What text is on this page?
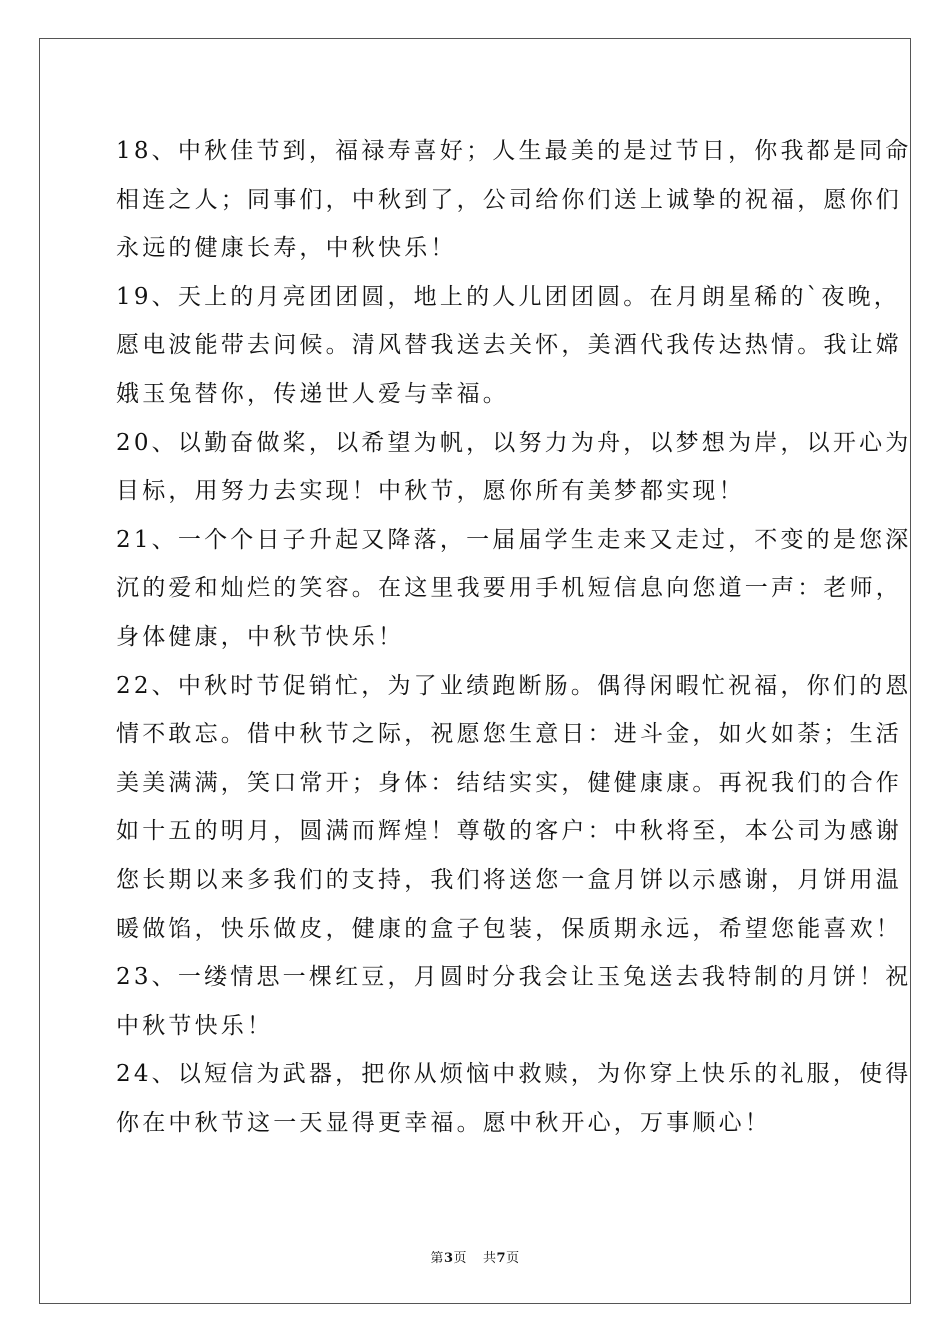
18、中秋佳节到，福禄寿喜好；人生最美的是过节日，你我都是同命

相连之人；同事们，中秋到了，公司给你们送上诚挚的祝福，愿你们

永远的健康长寿，中秋快乐！

19、天上的月亮团团圆，地上的人儿团团圆。在月朗星稀的`夜晚，

愿电波能带去问候。清风替我送去关怀，美酒代我传达热情。我让嫦

娥玉兔替你，传递世人爱与幸福。

20、以勤奋做桨，以希望为帆，以努力为舟，以梦想为岸，以开心为

目标，用努力去实现！中秋节，愿你所有美梦都实现！

21、一个个日子升起又降落，一届届学生走来又走过，不变的是您深

沉的爱和灿烂的笑容。在这里我要用手机短信息向您道一声：老师，

身体健康，中秋节快乐！

22、中秋时节促销忙，为了业绩跑断肠。偶得闲暇忙祝福，你们的恩

情不敢忘。借中秋节之际，祝愿您生意日：进斗金，如火如荼；生活

美美满满，笑口常开；身体：结结实实，健健康康。再祝我们的合作

如十五的明月，圆满而辉煌！尊敬的客户：中秋将至，本公司为感谢

您长期以来多我们的支持，我们将送您一盒月饼以示感谢，月饼用温

暖做馅，快乐做皮，健康的盒子包装，保质期永远，希望您能喜欢！

23、一缕情思一棵红豆，月圆时分我会让玉兔送去我特制的月饼！祝

中秋节快乐！

24、以短信为武器，把你从烦恼中救赎，为你穿上快乐的礼服，使得

你在中秋节这一天显得更幸福。愿中秋开心，万事顺心！

第3页 共7页
